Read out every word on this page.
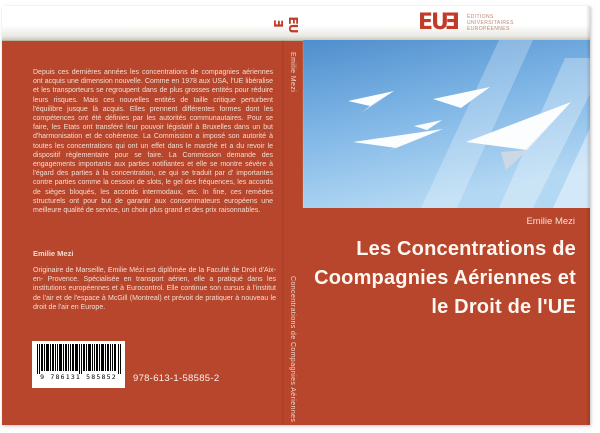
Depuis ces dernières années les concentrations de compagnies aériennes ont acquis une dimension nouvelle. Comme en 1978 aux USA, l'UE libéralise et les transporteurs se regroupent dans de plus grosses entités pour réduire leurs risques. Mais ces nouvelles entités de taille critique perturbent l'équilibre jusque là acquis. Elles prennent différentes formes dont les compétences ont été définies par les autorités communautaires. Pour se faire, les Etats ont transféré leur pouvoir législatif à Bruxelles dans un but d'harmonisation et de cohérence. La Commission a imposé son autorité à toutes les concentrations qui ont un effet dans le marché et a du revoir le dispositif règlementaire pour se faire. La Commission demande des engagements importants aux parties notifiantes et elle se montre sévère à l'égard des parties à la concentration, ce qui se traduit par d' importantes contre parties comme la cession de slots, le gel des fréquences, les accords de sièges bloqués, les accords intermodaux, etc. In fine, ces remèdes structurels ont pour but de garantir aux consommateurs européens une meilleure qualité de service, un choix plus grand et des prix raisonnables.
Emilie Mezi
Originaire de Marseille, Emilie Mézi est diplômée de la Faculté de Droit d'Aix-en- Provence. Spécialisée en transport aérien, elle a pratiqué dans les institutions européennes et à Eurocontrol. Elle continue son cursus à l'institut de l'air et de l'espace à McGill (Montreal) et prévoit de pratiquer à nouveau le droit de l'air en Europe.
9 786131 585852 978-613-1-58585-2
EUE
Emilie Mezi
Concentrations de Compagnies Aériennes
EUE ÉDITIONS
UNIVERSITAIRES
EUROPÉENNES
Emilie Mezi
Les Concentrations de
Coompagnies Aériennes et
le Droit de l'UE
